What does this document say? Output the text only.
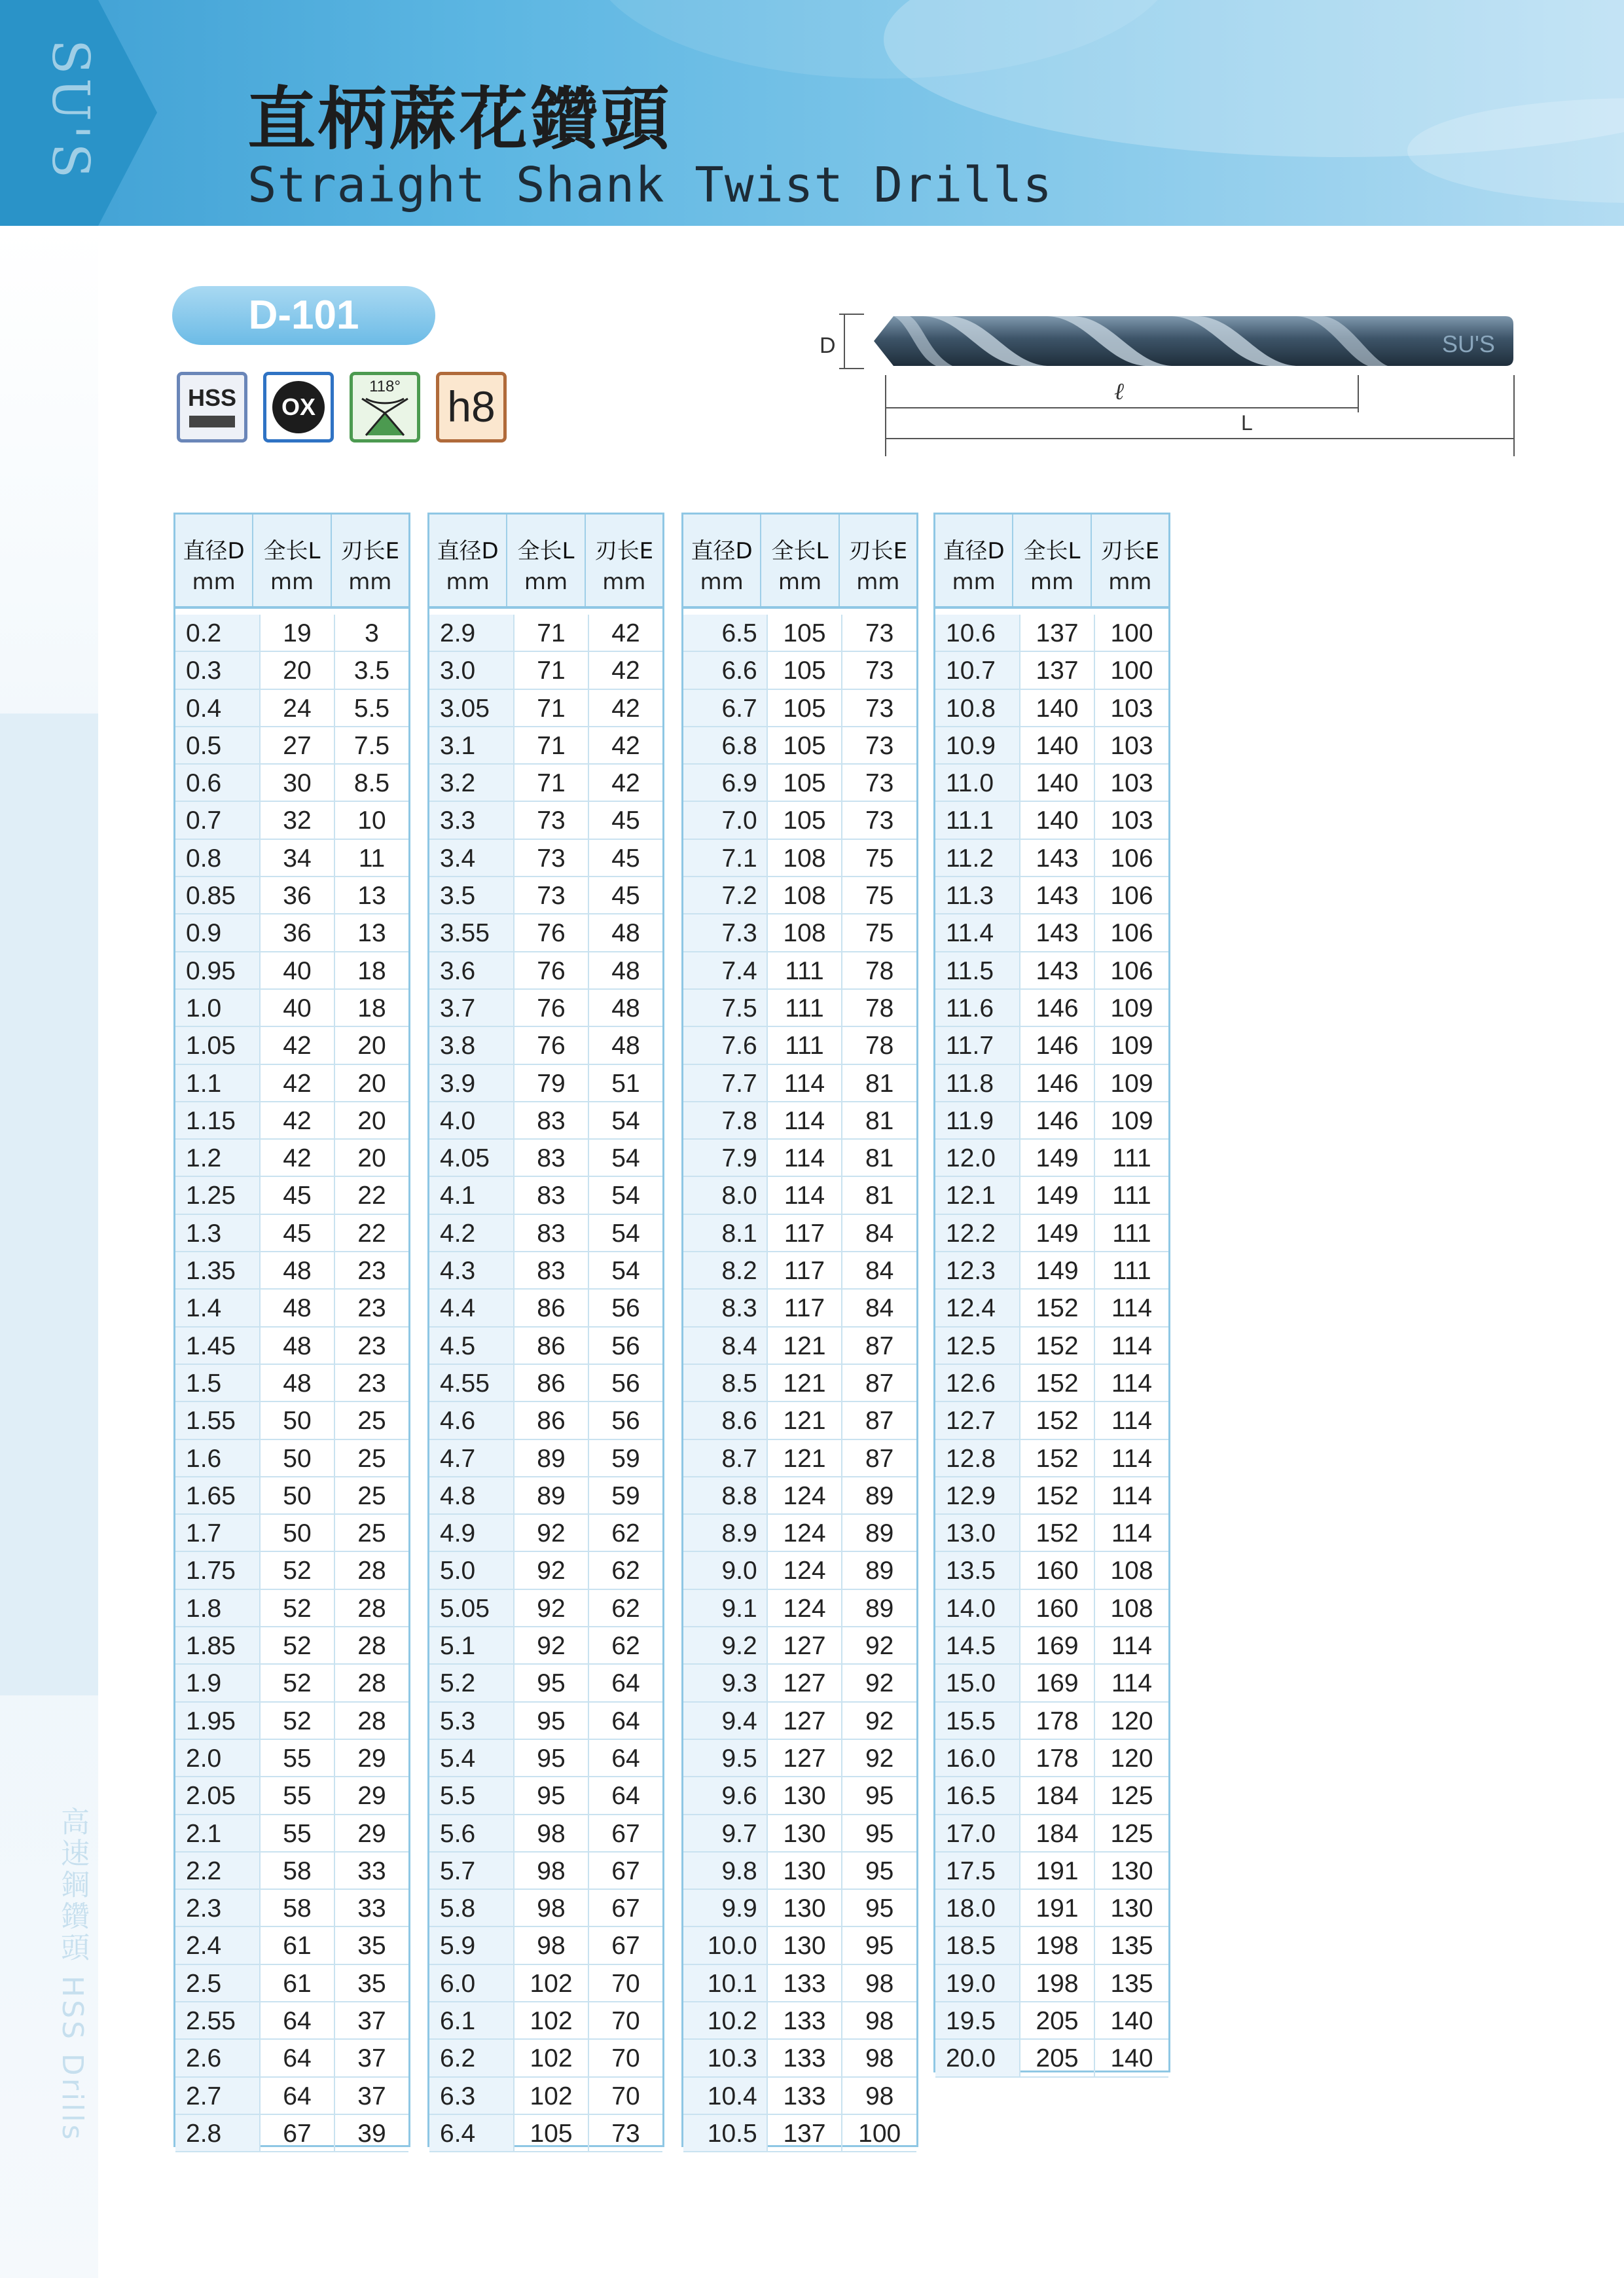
SU'S 直柄蔴花鑽頭
Straight Shank Twist Drills
高速鋼鑽頭 HSS Drills
D-101
HSS	OX
118°	h8
D	SU'S
ℓ
L
直径D
mm
全长L
mm
刃长E
mm
0.2	19	3
0.3	20	3.5
0.4	24	5.5
0.5	27	7.5
0.6	30	8.5
0.7	32	10
0.8	34	11
0.85	36	13
0.9	36	13
0.95	40	18
1.0	40	18
1.05	42	20
1.1	42	20
1.15	42	20
1.2	42	20
1.25	45	22
1.3	45	22
1.35	48	23
1.4	48	23
1.45	48	23
1.5	48	23
1.55	50	25
1.6	50	25
1.65	50	25
1.7	50	25
1.75	52	28
1.8	52	28
1.85	52	28
1.9	52	28
1.95	52	28
2.0	55	29
2.05	55	29
2.1	55	29
2.2	58	33
2.3	58	33
2.4	61	35
2.5	61	35
2.55	64	37
2.6	64	37
2.7	64	37
2.8	67	39
直径D
mm
全长L
mm
刃长E
mm
2.9	71	42
3.0	71	42
3.05	71	42
3.1	71	42
3.2	71	42
3.3	73	45
3.4	73	45
3.5	73	45
3.55	76	48
3.6	76	48
3.7	76	48
3.8	76	48
3.9	79	51
4.0	83	54
4.05	83	54
4.1	83	54
4.2	83	54
4.3	83	54
4.4	86	56
4.5	86	56
4.55	86	56
4.6	86	56
4.7	89	59
4.8	89	59
4.9	92	62
5.0	92	62
5.05	92	62
5.1	92	62
5.2	95	64
5.3	95	64
5.4	95	64
5.5	95	64
5.6	98	67
5.7	98	67
5.8	98	67
5.9	98	67
6.0	102	70
6.1	102	70
6.2	102	70
6.3	102	70
6.4	105	73
直径D
mm
全长L
mm
刃长E
mm
6.5	105	73
6.6	105	73
6.7	105	73
6.8	105	73
6.9	105	73
7.0	105	73
7.1	108	75
7.2	108	75
7.3	108	75
7.4	111	78
7.5	111	78
7.6	111	78
7.7	114	81
7.8	114	81
7.9	114	81
8.0	114	81
8.1	117	84
8.2	117	84
8.3	117	84
8.4	121	87
8.5	121	87
8.6	121	87
8.7	121	87
8.8	124	89
8.9	124	89
9.0	124	89
9.1	124	89
9.2	127	92
9.3	127	92
9.4	127	92
9.5	127	92
9.6	130	95
9.7	130	95
9.8	130	95
9.9	130	95
10.0	130	95
10.1	133	98
10.2	133	98
10.3	133	98
10.4	133	98
10.5	137	100
直径D
mm
全长L
mm
刃长E
mm
10.6	137	100
10.7	137	100
10.8	140	103
10.9	140	103
11.0	140	103
11.1	140	103
11.2	143	106
11.3	143	106
11.4	143	106
11.5	143	106
11.6	146	109
11.7	146	109
11.8	146	109
11.9	146	109
12.0	149	111
12.1	149	111
12.2	149	111
12.3	149	111
12.4	152	114
12.5	152	114
12.6	152	114
12.7	152	114
12.8	152	114
12.9	152	114
13.0	152	114
13.5	160	108
14.0	160	108
14.5	169	114
15.0	169	114
15.5	178	120
16.0	178	120
16.5	184	125
17.0	184	125
17.5	191	130
18.0	191	130
18.5	198	135
19.0	198	135
19.5	205	140
20.0	205	140
